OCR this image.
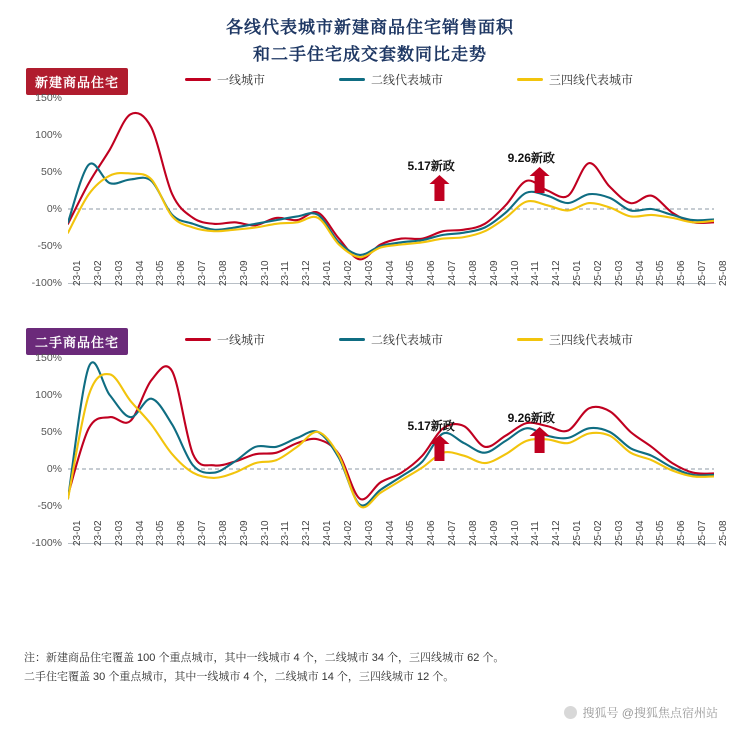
各线代表城市新建商品住宅销售面积
和二手住宅成交套数同比走势
新建商品住宅	一线城市	二线代表城市	三四线代表城市
-100%
-50%
0%
50%
100%
150%
23-01 23-02 23-03 23-04 23-05 23-06 23-07 23-08 23-09 23-10 23-11 23-12 24-01 24-02 24-03 24-04 24-05 24-06 24-07 24-08 24-09 24-10 24-11 24-12 25-01 25-02 25-03 25-04 25-05 25-06 25-07 25-08
5.17新政
9.26新政
二手商品住宅	一线城市	二线代表城市	三四线代表城市
-100%
-50%
0%
50%
100%
150%
23-01 23-02 23-03 23-04 23-05 23-06 23-07 23-08 23-09 23-10 23-11 23-12 24-01 24-02 24-03 24-04 24-05 24-06 24-07 24-08 24-09 24-10 24-11 24-12 25-01 25-02 25-03 25-04 25-05 25-06 25-07 25-08
5.17新政
9.26新政
注：新建商品住宅覆盖 100 个重点城市，其中一线城市 4 个，二线城市 34 个，三四线城市 62 个。
二手住宅覆盖 30 个重点城市，其中一线城市 4 个，二线城市 14 个，三四线城市 12 个。
搜狐号 @搜狐焦点宿州站
